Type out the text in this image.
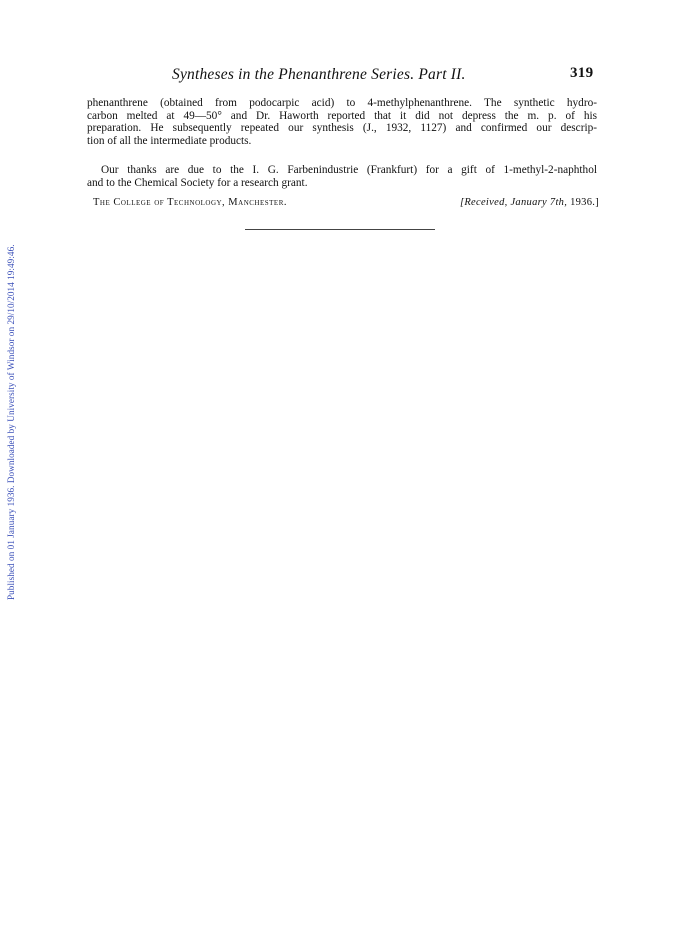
Published on 01 January 1936. Downloaded by University of Windsor on 29/10/2014 19:49:46.
Syntheses in the Phenanthrene Series. Part II.	319

phenanthrene (obtained from podocarpic acid) to 4-methylphenanthrene. The synthetic hydro-
carbon melted at 49—50° and Dr. Haworth reported that it did not depress the m. p. of his
preparation. He subsequently repeated our synthesis (J., 1932, 1127) and confirmed our descrip-
tion of all the intermediate products.

Our thanks are due to the I. G. Farbenindustrie (Frankfurt) for a gift of 1-methyl-2-naphthol
and to the Chemical Society for a research grant.

The College of Technology, Manchester.	[Received, January 7th, 1936.]
